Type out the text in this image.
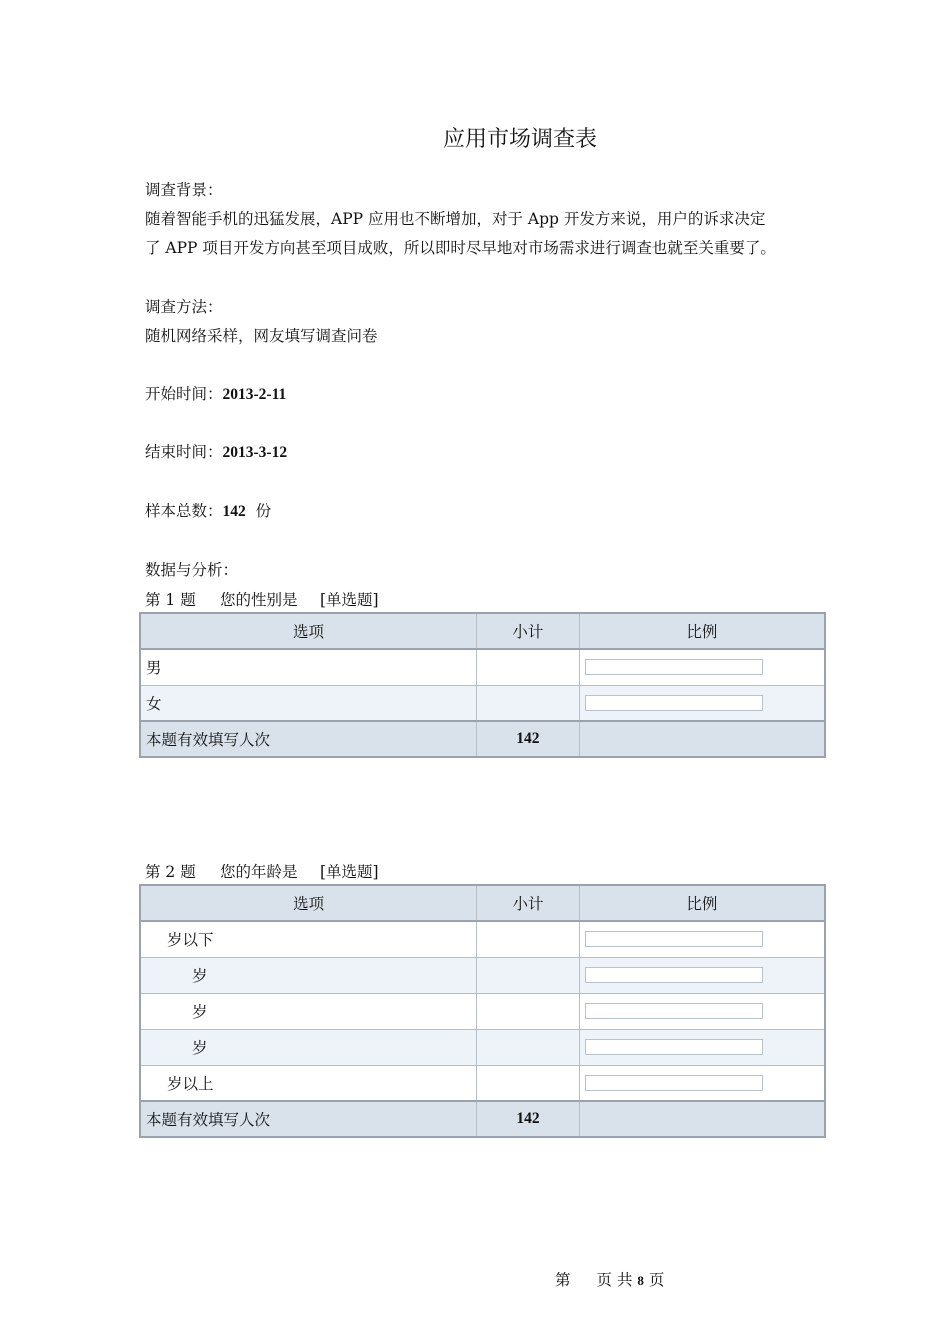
应用市场调查表
调查背景：
随着智能手机的迅猛发展，APP 应用也不断增加，对于 App 开发方来说，用户的诉求决定
了 APP 项目开发方向甚至项目成败，所以即时尽早地对市场需求进行调查也就至关重要了。
调查方法：
随机网络采样，网友填写调查问卷
开始时间：2013-2-11
结束时间：2013-3-12
样本总数：142 份
数据与分析：
第 1 题 您的性别是 [单选题]
选项	小计	比例
男		

女		

本题有效填写人次	142	
第 2 题 您的年龄是 [单选题]
选项	小计	比例
岁以下		

岁		

岁		

岁		

岁以上		

本题有效填写人次	142	
第 页 共 8 页
